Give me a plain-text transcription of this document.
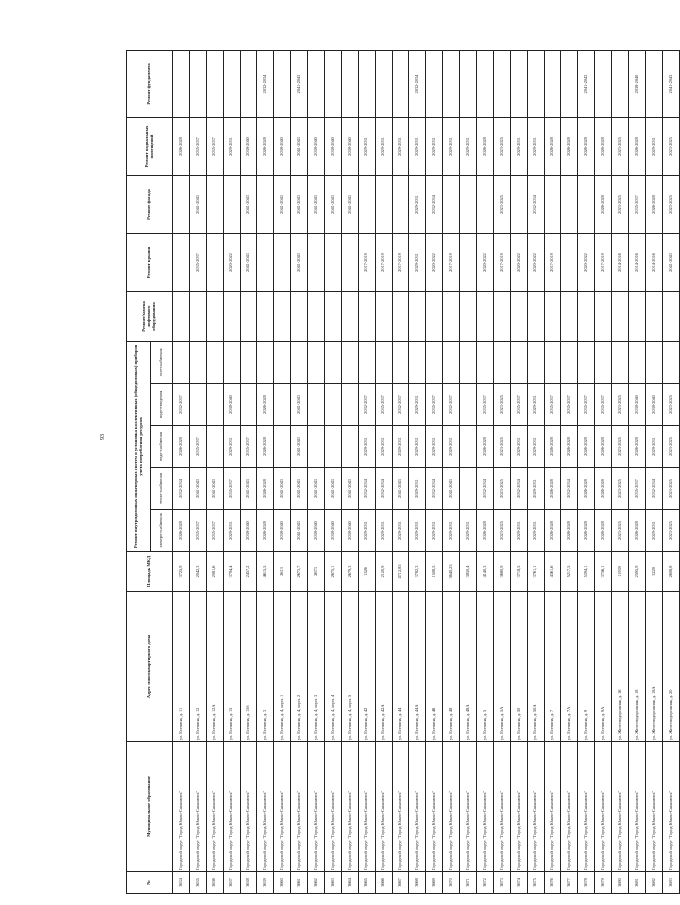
93
№	Муниципальное образование	Адрес многоквартирного дома	Площадь МКД	Ремонт внутридомовых инженерных систем и установка коллективных (общедомовых) приборов учета потребления ресурсов					Ремонт/замена лифтового оборудования	Ремонт крыши	Ремонт фасада	Ремонт подвальных помещений	Ремонт фундамента
				электро-снабжения	тепло-снабжения	водо-снабжения	водо-отведения	газо-снабжения					
3634	Городской округ "Город Южно-Сахалинск"	ул. Есенина, д. 11	3725,9	2026-2028	2032-2034	2026-2028	2032-2037					2026-2028	
3635	Городской округ "Город Южно-Сахалинск"	ул. Есенина, д. 12	2042,3	2035-2037	2041-2043	2035-2037				2035-2037	2041-2043	2035-2037	
3636	Городской округ "Город Южно-Сахалинск"	ул. Есенина, д. 12А	2081,6	2035-2037	2041-2043							2035-2037	
3637	Городской округ "Город Южно-Сахалинск"	ул. Есенина, д. 15	3794,4	2029-2031	2035-2037	2029-2031	2038-2040			2020-2022		2029-2031	
3638	Городской округ "Город Южно-Сахалинск"	ул. Есенина, д. 15б	2457,2	2038-2040	2041-2043	2035-2037				2041-2043	2041-2043	2038-2040	
3639	Городской округ "Город Южно-Сахалинск"	ул. Есенина, д. 3	4615,5	2026-2028	2026-2028	2026-2028	2026-2028					2026-2028	2032-2034
3660	Городской округ "Город Южно-Сахалинск"	ул. Есенина, д. 4, корп. 1	2613	2038-2040	2041-2043						2041-2043	2038-2040	
3661	Городской округ "Город Южно-Сахалинск"	ул. Есенина, д. 4, корп. 2	2673,7	2041-2043	2041-2043	2041-2043	2041-2043			2041-2043	2041-2043	2041-2043	2041-2043
3662	Городской округ "Город Южно-Сахалинск"	ул. Есенина, д. 4, корп. 3	2673	2038-2040	2041-2043						2041-2043	2038-2040	
3663	Городской округ "Город Южно-Сахалинск"	ул. Есенина, д. 4, корп. 4	2675,1	2038-2040	2041-2043						2041-2043	2038-2040	
3664	Городской округ "Город Южно-Сахалинск"	ул. Есенина, д. 4, корп. 5	2679,3	2038-2040	2041-2043						2041-2043	2038-2040	
3665	Городской округ "Город Южно-Сахалинск"	ул. Есенина, д. 42	1526	2029-2031	2032-2034	2029-2031	2032-2037			2017-2019		2029-2031	
3666	Городской округ "Город Южно-Сахалинск"	ул. Есенина, д. 42А	2120,9	2029-2031	2032-2034	2029-2031	2035-2037			2017-2019		2029-2031	
3667	Городской округ "Город Южно-Сахалинск"	ул. Есенина, д. 44	4712,85	2029-2031	2041-2043	2029-2031	2032-2037			2017-2019		2029-2031	
3668	Городской округ "Город Южно-Сахалинск"	ул. Есенина, д. 44А	3782,3	2029-2031	2029-2031	2029-2031	2029-2031			2029-2031	2029-2031	2029-2031	2032-2034
3669	Городской округ "Город Южно-Сахалинск"	ул. Есенина, д. 46	1508,5	2029-2031	2032-2034	2029-2031	2035-2037			2020-2022	2032-2034	2029-2031	
3670	Городской округ "Город Южно-Сахалинск"	ул. Есенина, д. 48	3640,25	2029-2031	2041-2043	2029-2031	2032-2037			2017-2019		2029-2031	
3671	Городской округ "Город Южно-Сахалинск"	ул. Есенина, д. 48А	3850,4	2029-2031								2029-2031	
3672	Городской округ "Город Южно-Сахалинск"	ул. Есенина, д. 5	4140,3	2026-2028	2032-2034	2026-2028	2035-2037			2020-2022		2026-2028	
3673	Городской округ "Город Южно-Сахалинск"	ул. Есенина, д. 5А	3680,9	2023-2025	2023-2025	2023-2025	2023-2025			2017-2019	2023-2025	2023-2025	
3674	Городской округ "Город Южно-Сахалинск"	ул. Есенина, д. 50	3718,5	2029-2031	2032-2034	2029-2031	2035-2037			2020-2022		2029-2031	
3675	Городской округ "Город Южно-Сахалинск"	ул. Есенина, д. 50А	3761,1	2029-2031	2029-2031	2029-2031	2029-2031			2020-2022	2032-2034	2029-2031	
3676	Городской округ "Город Южно-Сахалинск"	ул. Есенина, д. 7	4361,6	2026-2028	2026-2028	2026-2028	2035-2037			2017-2019		2026-2028	
3677	Городской округ "Город Южно-Сахалинск"	ул. Есенина, д. 7А	5217,5	2026-2028	2032-2034	2026-2028	2035-2037					2026-2028	
3678	Городской округ "Город Южно-Сахалинск"	ул. Есенина, д. 9	5394,1	2026-2028	2026-2028	2026-2028	2035-2037			2020-2022		2026-2028	2041-2043
3679	Городской округ "Город Южно-Сахалинск"	ул. Есенина, д. 9А	3756,1	2026-2028	2026-2028	2026-2028	2035-2037			2017-2019	2026-2028	2026-2028	
3680	Городской округ "Город Южно-Сахалинск"	ул. Железнодорожная, д. 16	11939	2023-2025	2023-2025	2023-2025	2023-2025			2014-2016	2023-2025	2023-2025	
3681	Городской округ "Город Южно-Сахалинск"	ул. Железнодорожная, д. 18	2595,9	2026-2028	2035-2037	2026-2028	2038-2040			2014-2016	2035-2037	2026-2028	2038-2040
3682	Городской округ "Город Южно-Сахалинск"	ул. Железнодорожная, д. 18А	3228	2029-2031	2032-2034	2029-2031	2038-2040			2014-2016	2026-2028	2029-2031	
3683	Городской округ "Город Южно-Сахалинск"	ул. Железнодорожная, д. 20	2608,8	2023-2025	2023-2025	2023-2025	2023-2025			2041-2043	2023-2025	2023-2025	2041-2043
